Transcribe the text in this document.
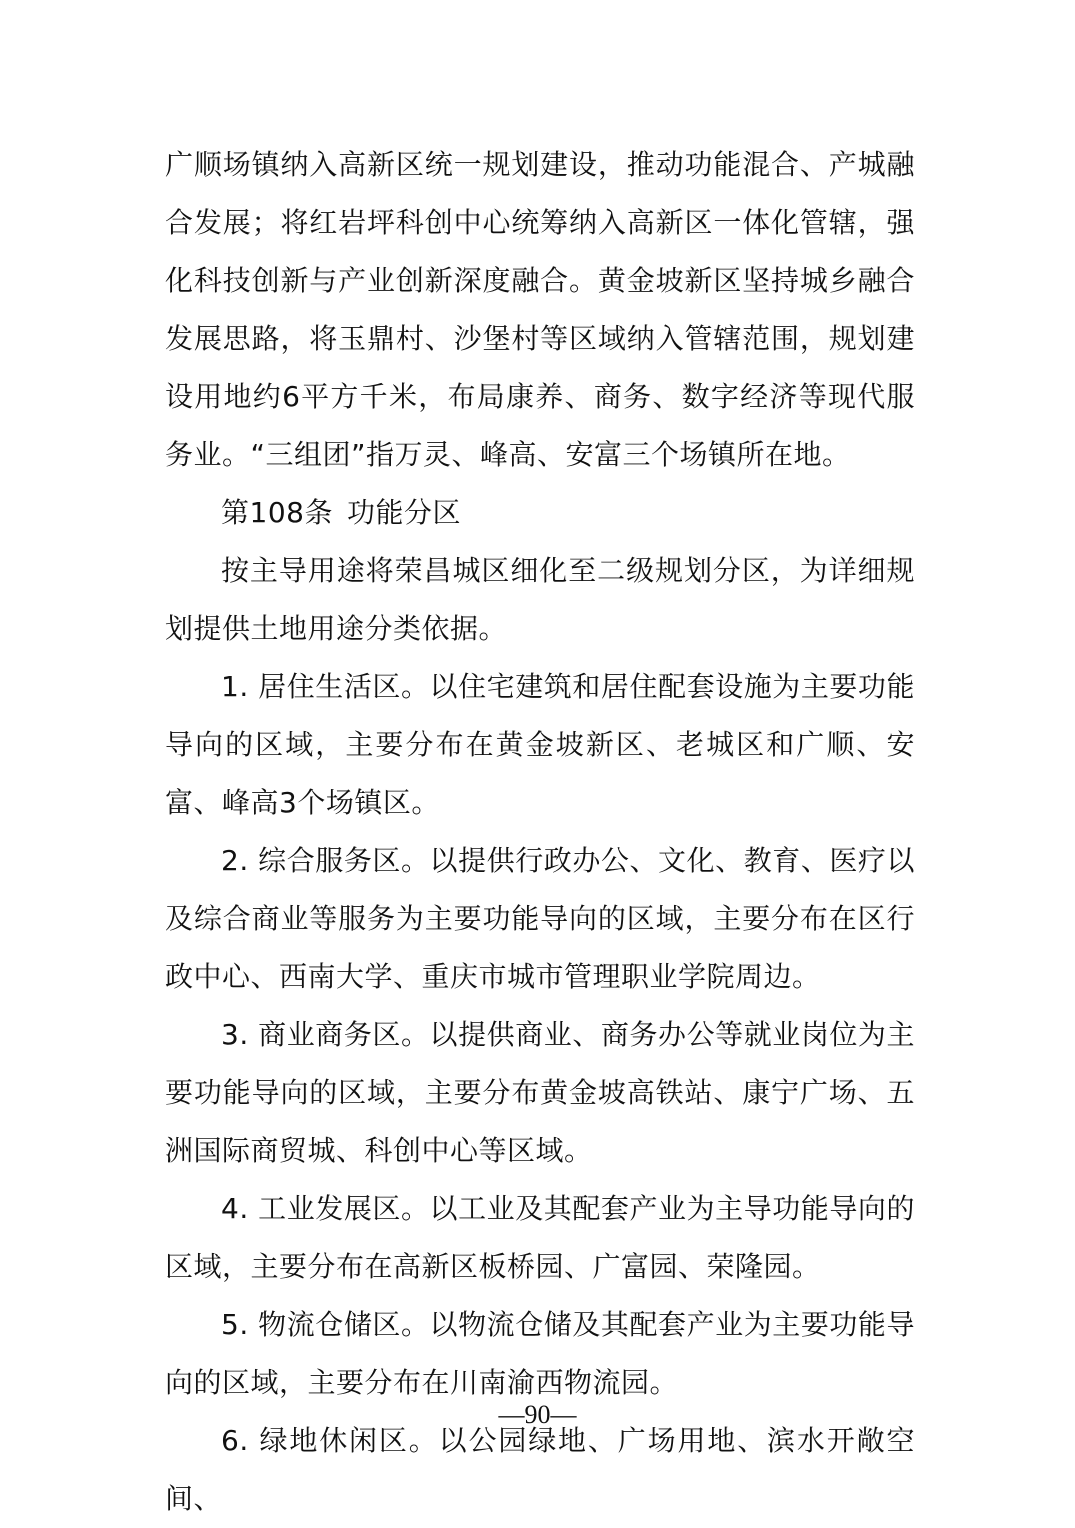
广顺场镇纳入高新区统一规划建设，推动功能混合、产城融合发展；将红岩坪科创中心统筹纳入高新区一体化管辖，强化科技创新与产业创新深度融合。黄金坡新区坚持城乡融合发展思路，将玉鼎村、沙堡村等区域纳入管辖范围，规划建设用地约6平方千米，布局康养、商务、数字经济等现代服务业。“三组团”指万灵、峰高、安富三个场镇所在地。

第108条 功能分区

按主导用途将荣昌城区细化至二级规划分区，为详细规划提供土地用途分类依据。

1. 居住生活区。以住宅建筑和居住配套设施为主要功能导向的区域，主要分布在黄金坡新区、老城区和广顺、安富、峰高3个场镇区。

2. 综合服务区。以提供行政办公、文化、教育、医疗以及综合商业等服务为主要功能导向的区域，主要分布在区行政中心、西南大学、重庆市城市管理职业学院周边。

3. 商业商务区。以提供商业、商务办公等就业岗位为主要功能导向的区域，主要分布黄金坡高铁站、康宁广场、五洲国际商贸城、科创中心等区域。

4. 工业发展区。以工业及其配套产业为主导功能导向的区域，主要分布在高新区板桥园、广富园、荣隆园。

5. 物流仓储区。以物流仓储及其配套产业为主要功能导向的区域，主要分布在川南渝西物流园。

6. 绿地休闲区。以公园绿地、广场用地、滨水开敞空间、

—90—
